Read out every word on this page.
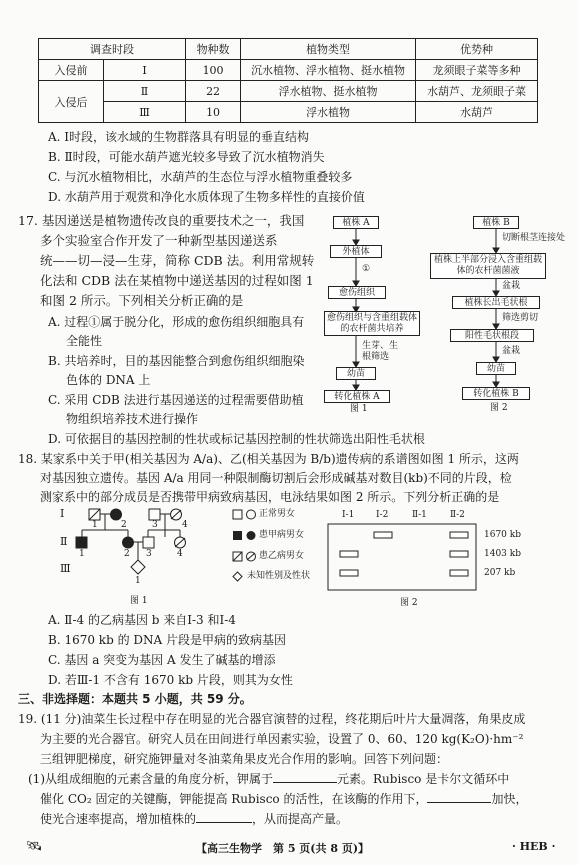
调查时段		物种数	植物类型	优势种
入侵前	Ⅰ	100	沉水植物、浮水植物、挺水植物	龙须眼子菜等多种
入侵后	Ⅱ	22	浮水植物、挺水植物	水葫芦、龙须眼子菜
	Ⅲ	10	浮水植物	水葫芦
A. Ⅰ时段，该水域的生物群落具有明显的垂直结构
B. Ⅱ时段，可能水葫芦遮光较多导致了沉水植物消失
C. 与沉水植物相比，水葫芦的生态位与浮水植物重叠较多
D. 水葫芦用于观赏和净化水质体现了生物多样性的直接价值
17. 基因递送是植物遗传改良的重要技术之一，我国
多个实验室合作开发了一种新型基因递送系
统——切—浸—生芽，简称 CDB 法。利用常规转
化法和 CDB 法在某植物中递送基因的过程如图 1
和图 2 所示。下列相关分析正确的是
A. 过程①属于脱分化，形成的愈伤组织细胞具有
全能性
B. 共培养时，目的基因能整合到愈伤组织细胞染
色体的 DNA 上
C. 采用 CDB 法进行基因递送的过程需要借助植
物组织培养技术进行操作
D. 可依据目的基因控制的性状或标记基因控制的性状筛选出阳性毛状根
植株 A
外植体
①
愈伤组织
愈伤组织与含重组载体的农杆菌共培养
生芽、生根筛选
幼苗
转化植株 A
图 1
植株 B
切断根茎连接处
植株上半部分浸入含重组载体的农杆菌菌液
盆栽
植株长出毛状根
筛选剪切
阳性毛状根段
盆栽
幼苗
转化植株 B
图 2
18. 某家系中关于甲(相关基因为 A/a)、乙(相关基因为 B/b)遗传病的系谱图如图 1 所示，这两
对基因独立遗传。基因 A/a 用同一种限制酶切割后会形成碱基对数目(kb)不同的片段，检
测家系中的部分成员是否携带甲病致病基因，电泳结果如图 2 所示。下列分析正确的是
Ⅰ
Ⅱ
Ⅲ
1	2	3	4
1	2 3	4
1
正常男女
患甲病男女
患乙病男女
未知性别及性状
图 1
Ⅰ-1 Ⅰ-2	Ⅱ-1	Ⅱ-2
1670 kb
1403 kb
207 kb
图 2
A. Ⅱ-4 的乙病基因 b 来自Ⅰ-3 和Ⅰ-4
B. 1670 kb 的 DNA 片段是甲病的致病基因
C. 基因 a 突变为基因 A 发生了碱基的增添
D. 若Ⅲ-1 不含有 1670 kb 片段，则其为女性
三、非选择题：本题共 5 小题，共 59 分。
19. (11 分)油菜生长过程中存在明显的光合器官演替的过程，终花期后叶片大量凋落，角果皮成
为主要的光合器官。研究人员在田间进行单因素实验，设置了 0、60、120 kg(K₂O)·hm⁻²
三组钾肥梯度，研究施钾量对冬油菜角果皮光合作用的影响。回答下列问题：
(1)从组成细胞的元素含量的角度分析，钾属于	元素。Rubisco 是卡尔文循环中
催化 CO₂ 固定的关键酶，钾能提高 Rubisco 的活性，在该酶的作用下，	加快，
使光合速率提高，增加植株的	，从而提高产量。
🛰	【高三生物学　第 5 页(共 8 页)】	· HEB ·
